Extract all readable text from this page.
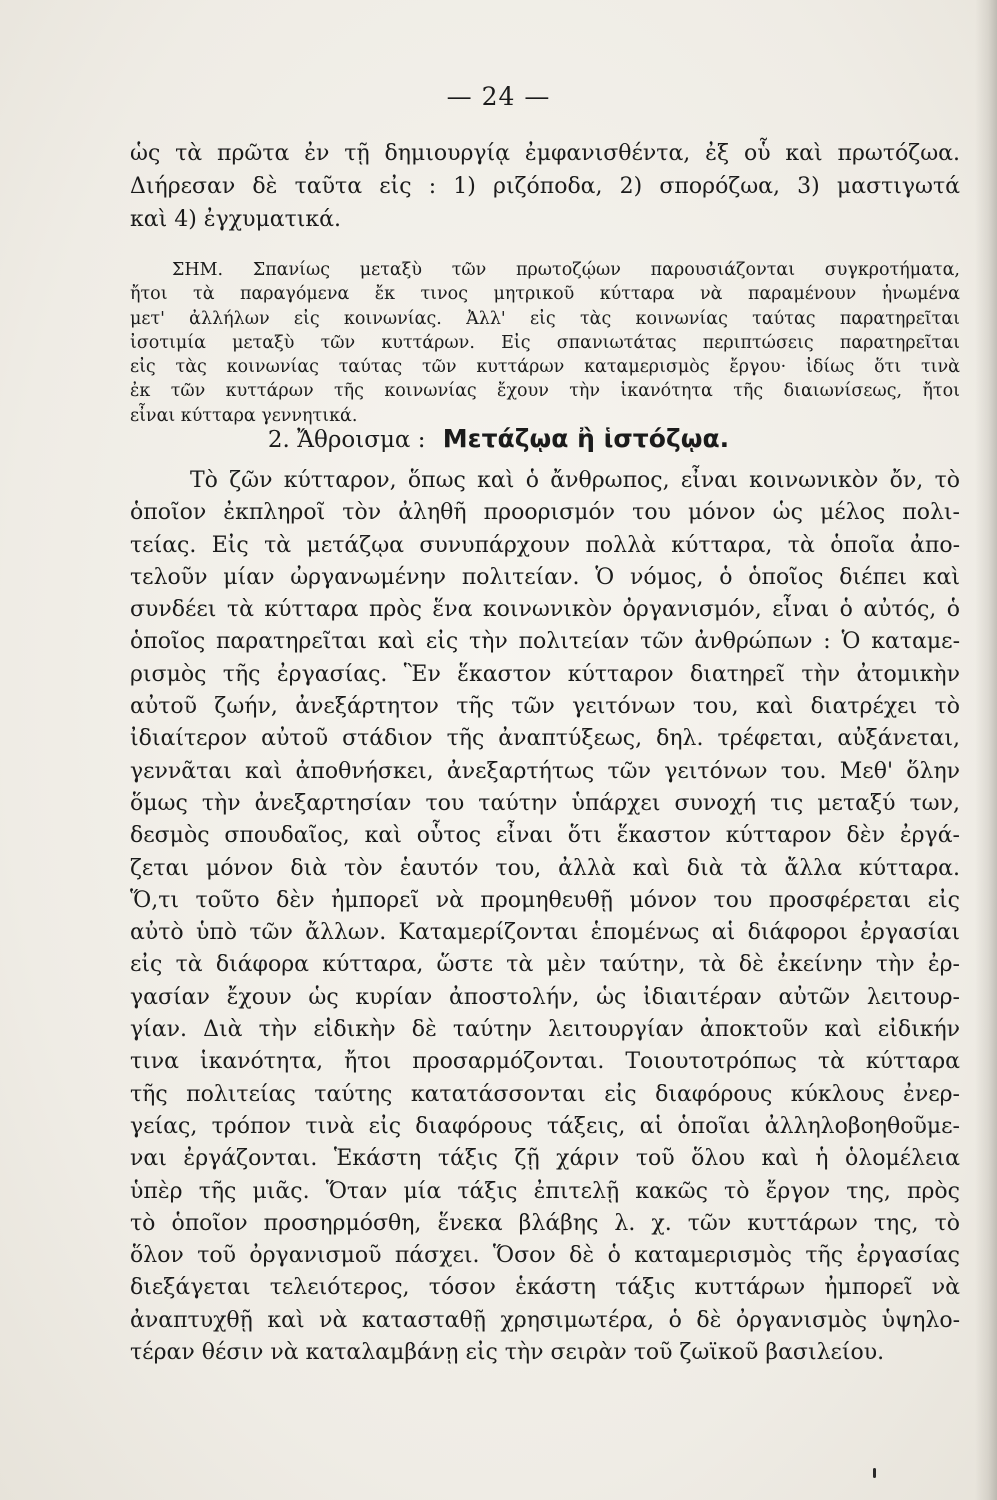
— 24 —
ὡς τὰ πρῶτα ἐν τῇ δημιουργίᾳ ἐμφανισθέντα, ἐξ οὗ καὶ πρωτόζωα.
Διήρεσαν δὲ ταῦτα εἰς : 1) ριζόποδα, 2) σπορόζωα, 3) μαστιγωτά
καὶ 4) ἐγχυματικά.
ΣΗΜ. Σπανίως μεταξὺ τῶν πρωτοζῴων παρουσιάζονται συγκροτήματα,
ἤτοι τὰ παραγόμενα ἔκ τινος μητρικοῦ κύτταρα νὰ παραμένουν ἡνωμένα
μετ' ἀλλήλων εἰς κοινωνίας. Ἀλλ' εἰς τὰς κοινωνίας ταύτας παρατηρεῖται
ἰσοτιμία μεταξὺ τῶν κυττάρων. Εἰς σπανιωτάτας περιπτώσεις παρατηρεῖται
εἰς τὰς κοινωνίας ταύτας τῶν κυττάρων καταμερισμὸς ἔργου· ἰδίως ὅτι τινὰ
ἐκ τῶν κυττάρων τῆς κοινωνίας ἔχουν τὴν ἱκανότητα τῆς διαιωνίσεως, ἤτοι
εἶναι κύτταρα γεννητικά.
2. Ἄθροισμα : Μετάζῳα ἢ ἱστόζῳα.
Τὸ ζῶν κύτταρον, ὅπως καὶ ὁ ἄνθρωπος, εἶναι κοινωνικὸν ὄν, τὸ
ὁποῖον ἐκπληροῖ τὸν ἀληθῆ προορισμόν του μόνον ὡς μέλος πολι-
τείας. Εἰς τὰ μετάζῳα συνυπάρχουν πολλὰ κύτταρα, τὰ ὁποῖα ἀπο-
τελοῦν μίαν ὠργανωμένην πολιτείαν. Ὁ νόμος, ὁ ὁποῖος διέπει καὶ
συνδέει τὰ κύτταρα πρὸς ἕνα κοινωνικὸν ὀργανισμόν, εἶναι ὁ αὐτός, ὁ
ὁποῖος παρατηρεῖται καὶ εἰς τὴν πολιτείαν τῶν ἀνθρώπων : Ὁ καταμε-
ρισμὸς τῆς ἐργασίας. Ἓν ἕκαστον κύτταρον διατηρεῖ τὴν ἀτομικὴν
αὐτοῦ ζωήν, ἀνεξάρτητον τῆς τῶν γειτόνων του, καὶ διατρέχει τὸ
ἰδιαίτερον αὐτοῦ στάδιον τῆς ἀναπτύξεως, δηλ. τρέφεται, αὐξάνεται,
γεννᾶται καὶ ἀποθνήσκει, ἀνεξαρτήτως τῶν γειτόνων του. Μεθ' ὅλην
ὅμως τὴν ἀνεξαρτησίαν του ταύτην ὑπάρχει συνοχή τις μεταξύ των,
δεσμὸς σπουδαῖος, καὶ οὗτος εἶναι ὅτι ἕκαστον κύτταρον δὲν ἐργά-
ζεται μόνον διὰ τὸν ἑαυτόν του, ἀλλὰ καὶ διὰ τὰ ἄλλα κύτταρα.
Ὅ,τι τοῦτο δὲν ἠμπορεῖ νὰ προμηθευθῇ μόνον του προσφέρεται εἰς
αὐτὸ ὑπὸ τῶν ἄλλων. Καταμερίζονται ἑπομένως αἱ διάφοροι ἐργασίαι
εἰς τὰ διάφορα κύτταρα, ὥστε τὰ μὲν ταύτην, τὰ δὲ ἐκείνην τὴν ἐρ-
γασίαν ἔχουν ὡς κυρίαν ἀποστολήν, ὡς ἰδιαιτέραν αὐτῶν λειτουρ-
γίαν. Διὰ τὴν εἰδικὴν δὲ ταύτην λειτουργίαν ἀποκτοῦν καὶ εἰδικήν
τινα ἱκανότητα, ἤτοι προσαρμόζονται. Τοιουτοτρόπως τὰ κύτταρα
τῆς πολιτείας ταύτης κατατάσσονται εἰς διαφόρους κύκλους ἐνερ-
γείας, τρόπον τινὰ εἰς διαφόρους τάξεις, αἱ ὁποῖαι ἀλληλοβοηθοῦμε-
ναι ἐργάζονται. Ἑκάστη τάξις ζῇ χάριν τοῦ ὅλου καὶ ἡ ὁλομέλεια
ὑπὲρ τῆς μιᾶς. Ὅταν μία τάξις ἐπιτελῇ κακῶς τὸ ἔργον της, πρὸς
τὸ ὁποῖον προσηρμόσθη, ἕνεκα βλάβης λ. χ. τῶν κυττάρων της, τὸ
ὅλον τοῦ ὀργανισμοῦ πάσχει. Ὅσον δὲ ὁ καταμερισμὸς τῆς ἐργασίας
διεξάγεται τελειότερος, τόσον ἑκάστη τάξις κυττάρων ἠμπορεῖ νὰ
ἀναπτυχθῇ καὶ νὰ κατασταθῇ χρησιμωτέρα, ὁ δὲ ὀργανισμὸς ὑψηλο-
τέραν θέσιν νὰ καταλαμβάνῃ εἰς τὴν σειρὰν τοῦ ζωϊκοῦ βασιλείου.
